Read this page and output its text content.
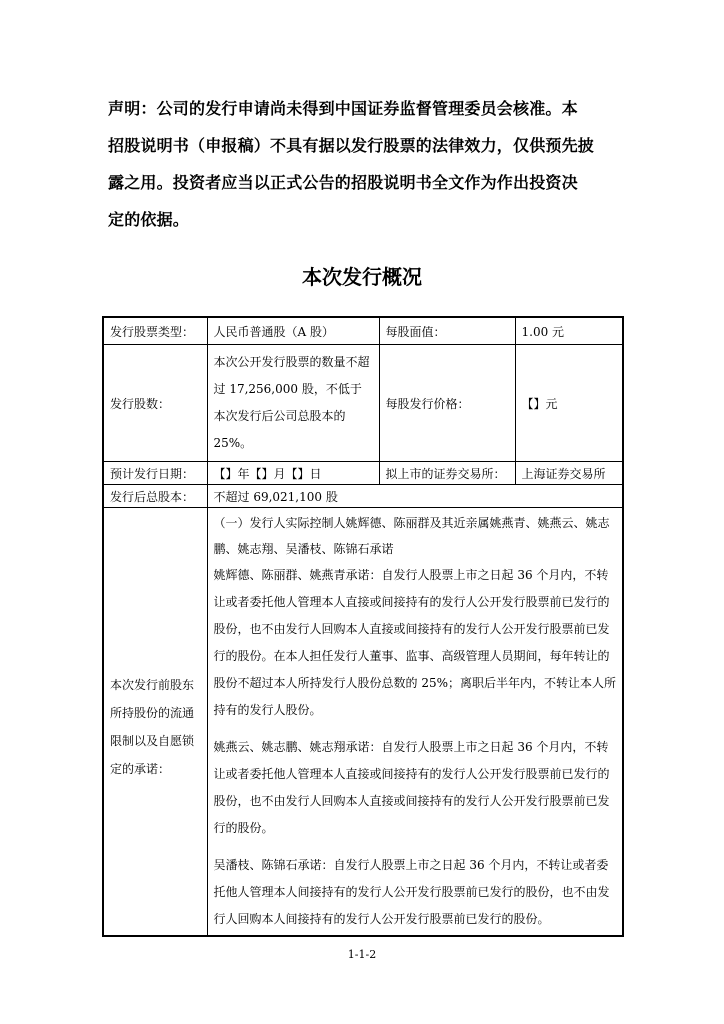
声明：公司的发行申请尚未得到中国证券监督管理委员会核准。本

招股说明书（申报稿）不具有据以发行股票的法律效力，仅供预先披

露之用。投资者应当以正式公告的招股说明书全文作为作出投资决

定的依据。

本次发行概况
发行股票类型：	人民币普通股（A 股）	每股面值：	1.00 元
发行股数：	本次公开发行股票的数量不超过 17,256,000 股，不低于本次发行后公司总股本的 25%。	每股发行价格：	【】元
预计发行日期：	【】年【】月【】日	拟上市的证券交易所：	上海证券交易所
发行后总股本：	不超过 69,021,100 股		
本次发行前股东所持股份的流通限制以及自愿锁定的承诺：	（一）发行人实际控制人姚辉德、陈丽群及其近亲属姚燕青、姚燕云、姚志鹏、姚志翔、吴潘枝、陈锦石承诺

姚辉德、陈丽群、姚燕青承诺：自发行人股票上市之日起 36 个月内，不转让或者委托他人管理本人直接或间接持有的发行人公开发行股票前已发行的股份，也不由发行人回购本人直接或间接持有的发行人公开发行股票前已发行的股份。在本人担任发行人董事、监事、高级管理人员期间，每年转让的股份不超过本人所持发行人股份总数的 25%；离职后半年内，不转让本人所持有的发行人股份。

姚燕云、姚志鹏、姚志翔承诺：自发行人股票上市之日起 36 个月内，不转让或者委托他人管理本人直接或间接持有的发行人公开发行股票前已发行的股份，也不由发行人回购本人直接或间接持有的发行人公开发行股票前已发行的股份。

吴潘枝、陈锦石承诺：自发行人股票上市之日起 36 个月内，不转让或者委托他人管理本人间接持有的发行人公开发行股票前已发行的股份，也不由发行人回购本人间接持有的发行人公开发行股票前已发行的股份。		

1-1-2
